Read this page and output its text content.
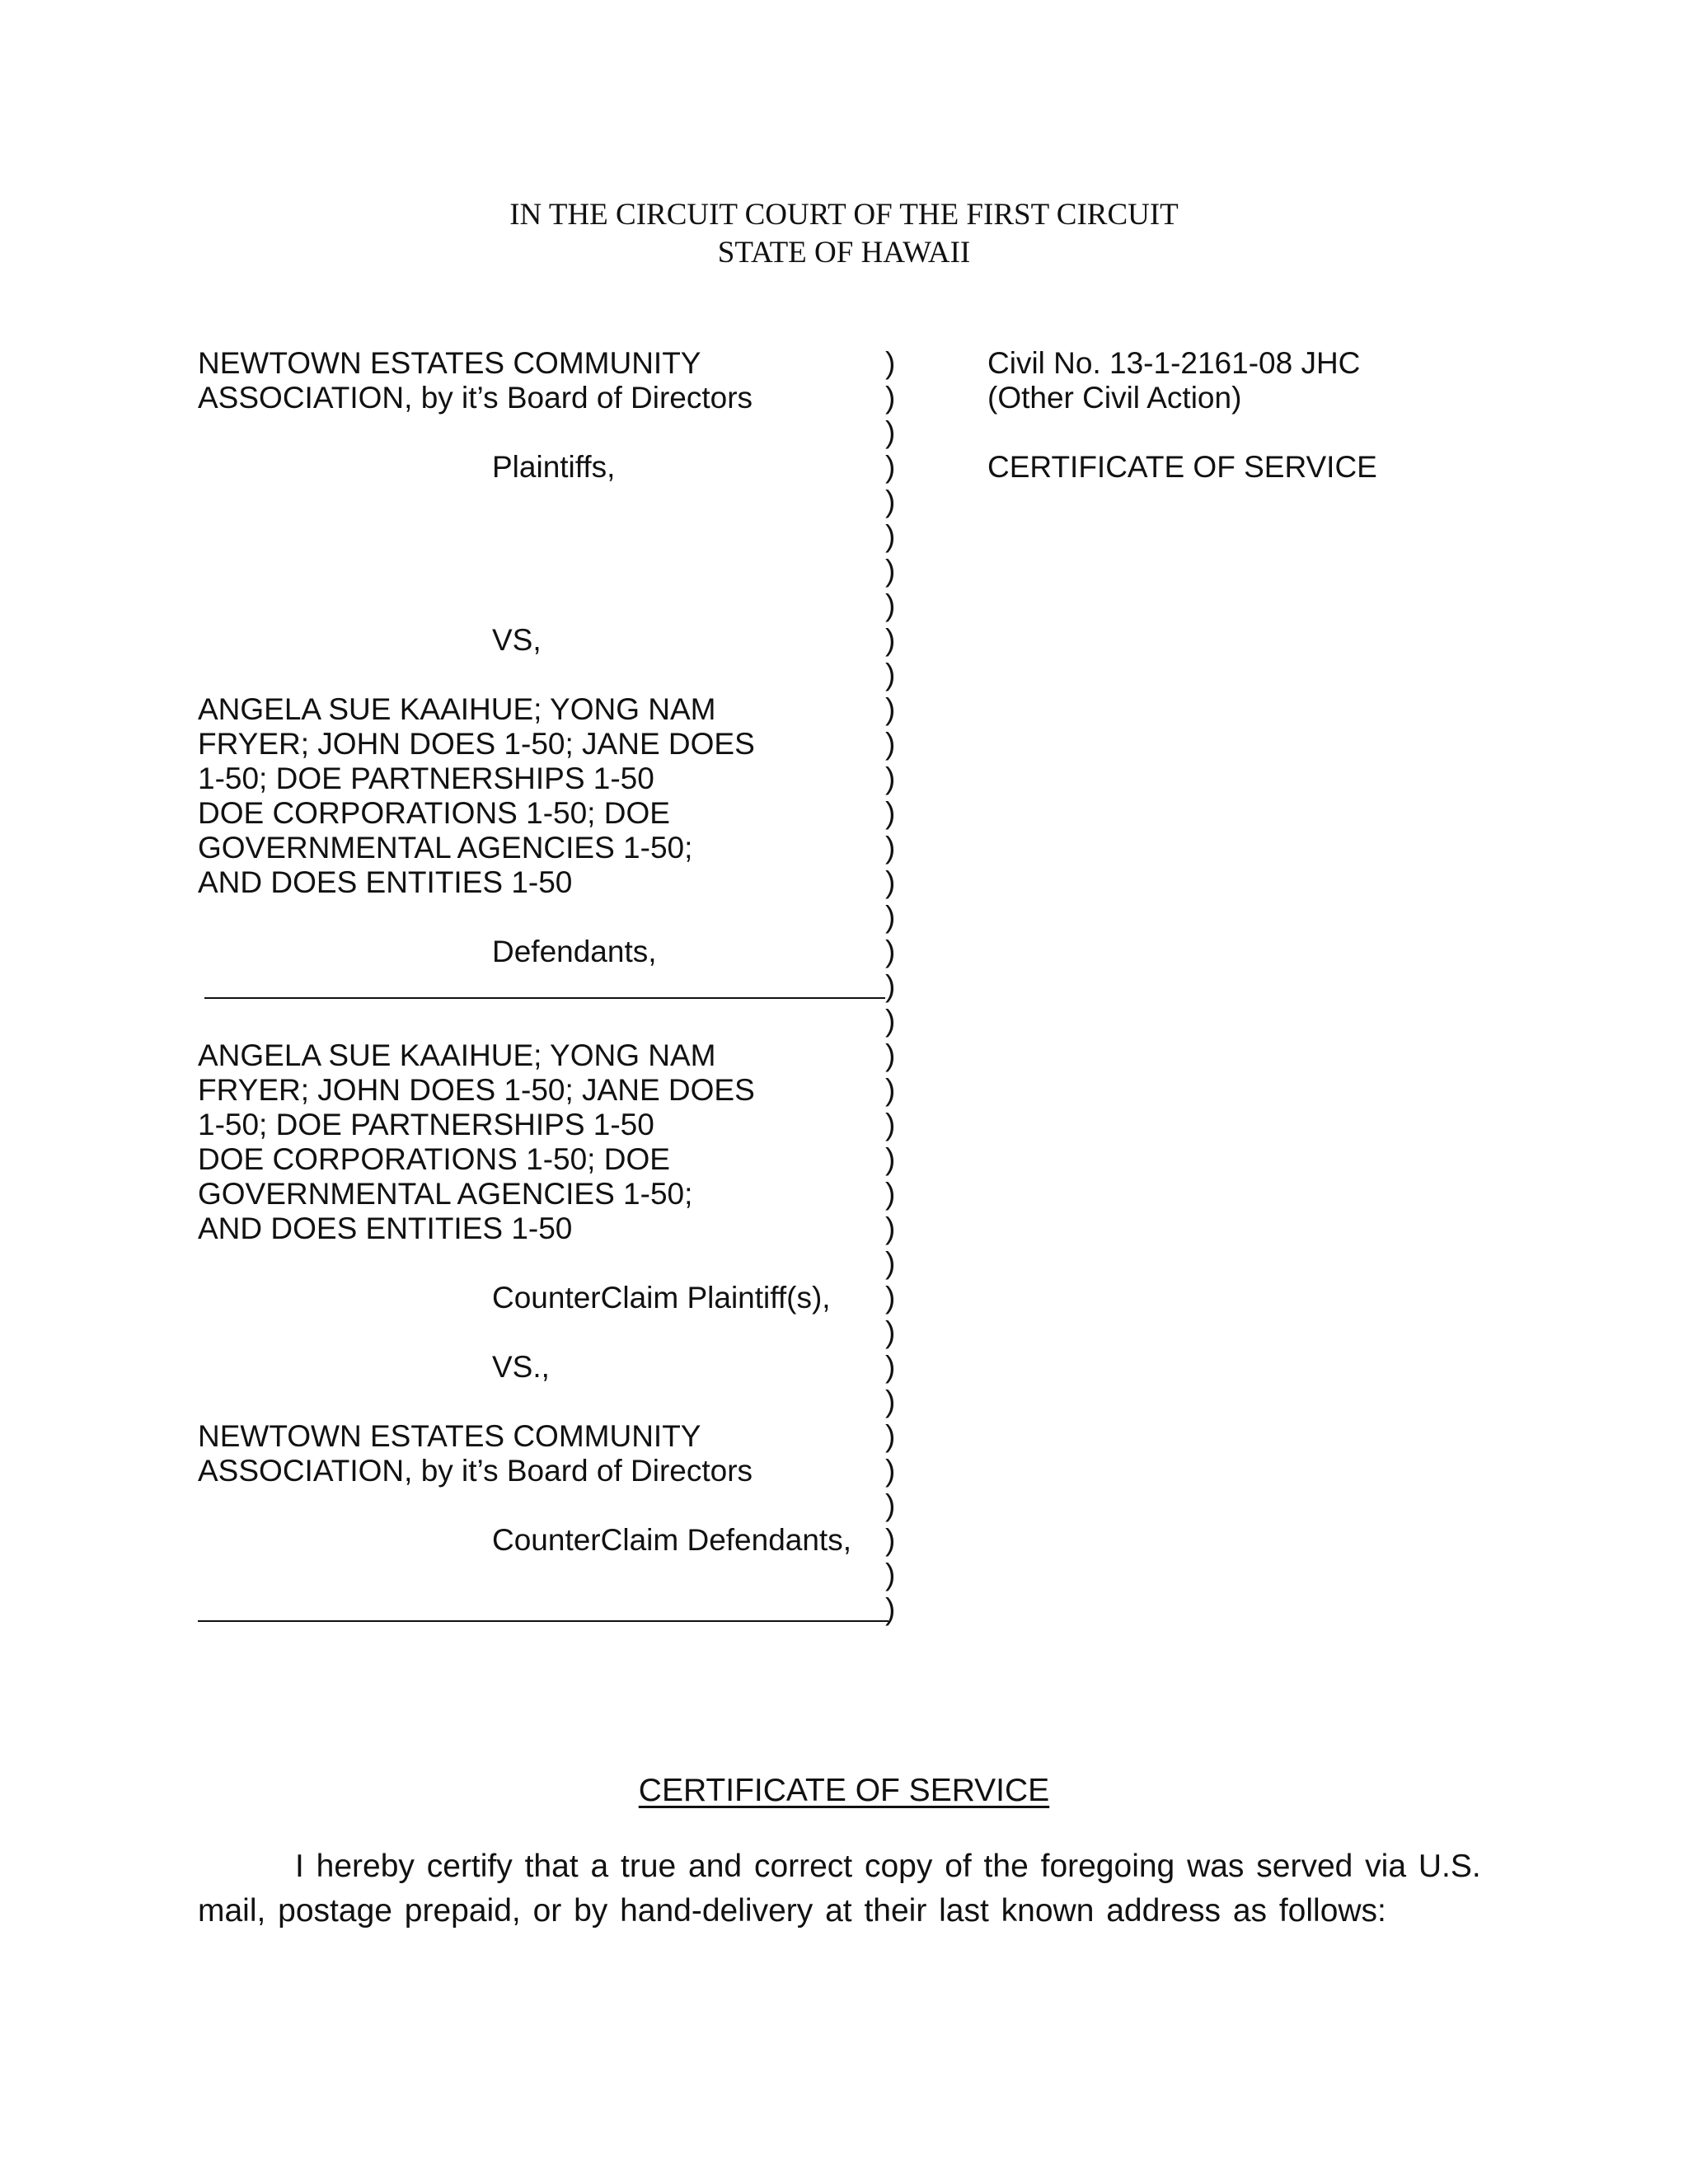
IN THE CIRCUIT COURT OF THE FIRST CIRCUIT
STATE OF HAWAII
NEWTOWN ESTATES COMMUNITY
ASSOCIATION, by it’s Board of Directors
Plaintiffs,
VS,
ANGELA SUE KAAIHUE; YONG NAM
FRYER; JOHN DOES 1-50; JANE DOES
1-50; DOE PARTNERSHIPS 1-50
DOE CORPORATIONS 1-50; DOE
GOVERNMENTAL AGENCIES 1-50;
AND DOES ENTITIES 1-50
Defendants,
ANGELA SUE KAAIHUE; YONG NAM
FRYER; JOHN DOES 1-50; JANE DOES
1-50; DOE PARTNERSHIPS 1-50
DOE CORPORATIONS 1-50; DOE
GOVERNMENTAL AGENCIES 1-50;
AND DOES ENTITIES 1-50
CounterClaim Plaintiff(s),
VS.,
NEWTOWN ESTATES COMMUNITY
ASSOCIATION, by it’s Board of Directors
CounterClaim Defendants,
)
)
)
)
)
)
)
)
)
)
)
)
)
)
)
)
)
)
)
)
)
)
)
)
)
)
)
)
)
)
)
)
)
)
)
)
)
Civil No. 13-1-2161-08 JHC
(Other Civil Action)
CERTIFICATE OF SERVICE
CERTIFICATE OF SERVICE
I hereby certify that a true and correct copy of the foregoing was served via U.S. mail, postage prepaid, or by hand-delivery at their last known address as follows:
